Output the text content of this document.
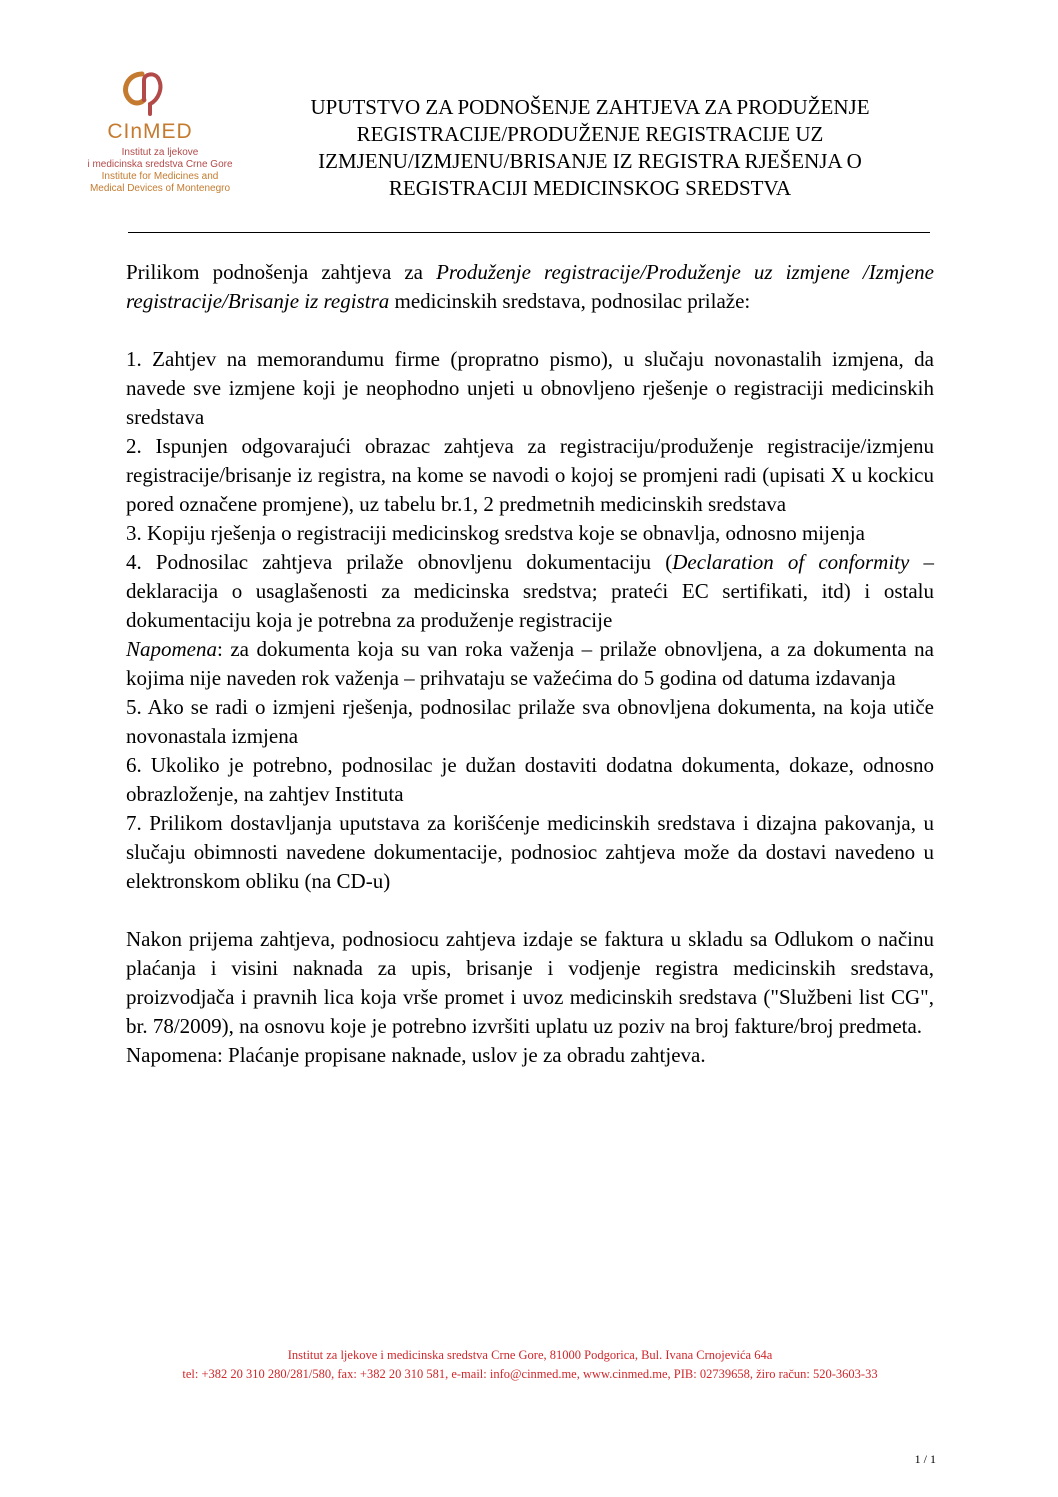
CInMED
Institut za ljekove
i medicinska sredstva Crne Gore
Institute for Medicines and
Medical Devices of Montenegro
UPUTSTVO ZA PODNOŠENJE ZAHTJEVA ZA PRODUŽENJE REGISTRACIJE/PRODUŽENJE REGISTRACIJE UZ IZMJENU/IZMJENU/BRISANJE IZ REGISTRA RJEŠENJA O REGISTRACIJI MEDICINSKOG SREDSTVA

Prilikom podnošenja zahtjeva za Produženje registracije/Produženje uz izmjene /Izmjene registracije/Brisanje iz registra medicinskih sredstava, podnosilac prilaže:

1. Zahtjev na memorandumu firme (propratno pismo), u slučaju novonastalih izmjena, da navede sve izmjene koji je neophodno unjeti u obnovljeno rješenje o registraciji medicinskih sredstava

2. Ispunjen odgovarajući obrazac zahtjeva za registraciju/produženje registracije/izmjenu registracije/brisanje iz registra, na kome se navodi o kojoj se promjeni radi (upisati X u kockicu pored označene promjene), uz tabelu br.1, 2 predmetnih medicinskih sredstava

3. Kopiju rješenja o registraciji medicinskog sredstva koje se obnavlja, odnosno mijenja

4. Podnosilac zahtjeva prilaže obnovljenu dokumentaciju (Declaration of conformity – deklaracija o usaglašenosti za medicinska sredstva; prateći EC sertifikati, itd) i ostalu dokumentaciju koja je potrebna za produženje registracije

Napomena: za dokumenta koja su van roka važenja – prilaže obnovljena, a za dokumenta na kojima nije naveden rok važenja – prihvataju se važećima do 5 godina od datuma izdavanja

5. Ako se radi o izmjeni rješenja, podnosilac prilaže sva obnovljena dokumenta, na koja utiče novonastala izmjena

6. Ukoliko je potrebno, podnosilac je dužan dostaviti dodatna dokumenta, dokaze, odnosno obrazloženje, na zahtjev Instituta

7. Prilikom dostavljanja uputstava za korišćenje medicinskih sredstava i dizajna pakovanja, u slučaju obimnosti navedene dokumentacije, podnosioc zahtjeva može da dostavi navedeno u elektronskom obliku (na CD-u)

Nakon prijema zahtjeva, podnosiocu zahtjeva izdaje se faktura u skladu sa Odlukom o načinu plaćanja i visini naknada za upis, brisanje i vodjenje registra medicinskih sredstava, proizvodjača i pravnih lica koja vrše promet i uvoz medicinskih sredstava ("Službeni list CG", br. 78/2009), na osnovu koje je potrebno izvršiti uplatu uz poziv na broj fakture/broj predmeta.

Napomena: Plaćanje propisane naknade, uslov je za obradu zahtjeva.

Institut za ljekove i medicinska sredstva Crne Gore, 81000 Podgorica, Bul. Ivana Crnojevića 64a
tel: +382 20 310 280/281/580, fax: +382 20 310 581, e-mail: info@cinmed.me, www.cinmed.me, PIB: 02739658, žiro račun: 520-3603-33
1 / 1
